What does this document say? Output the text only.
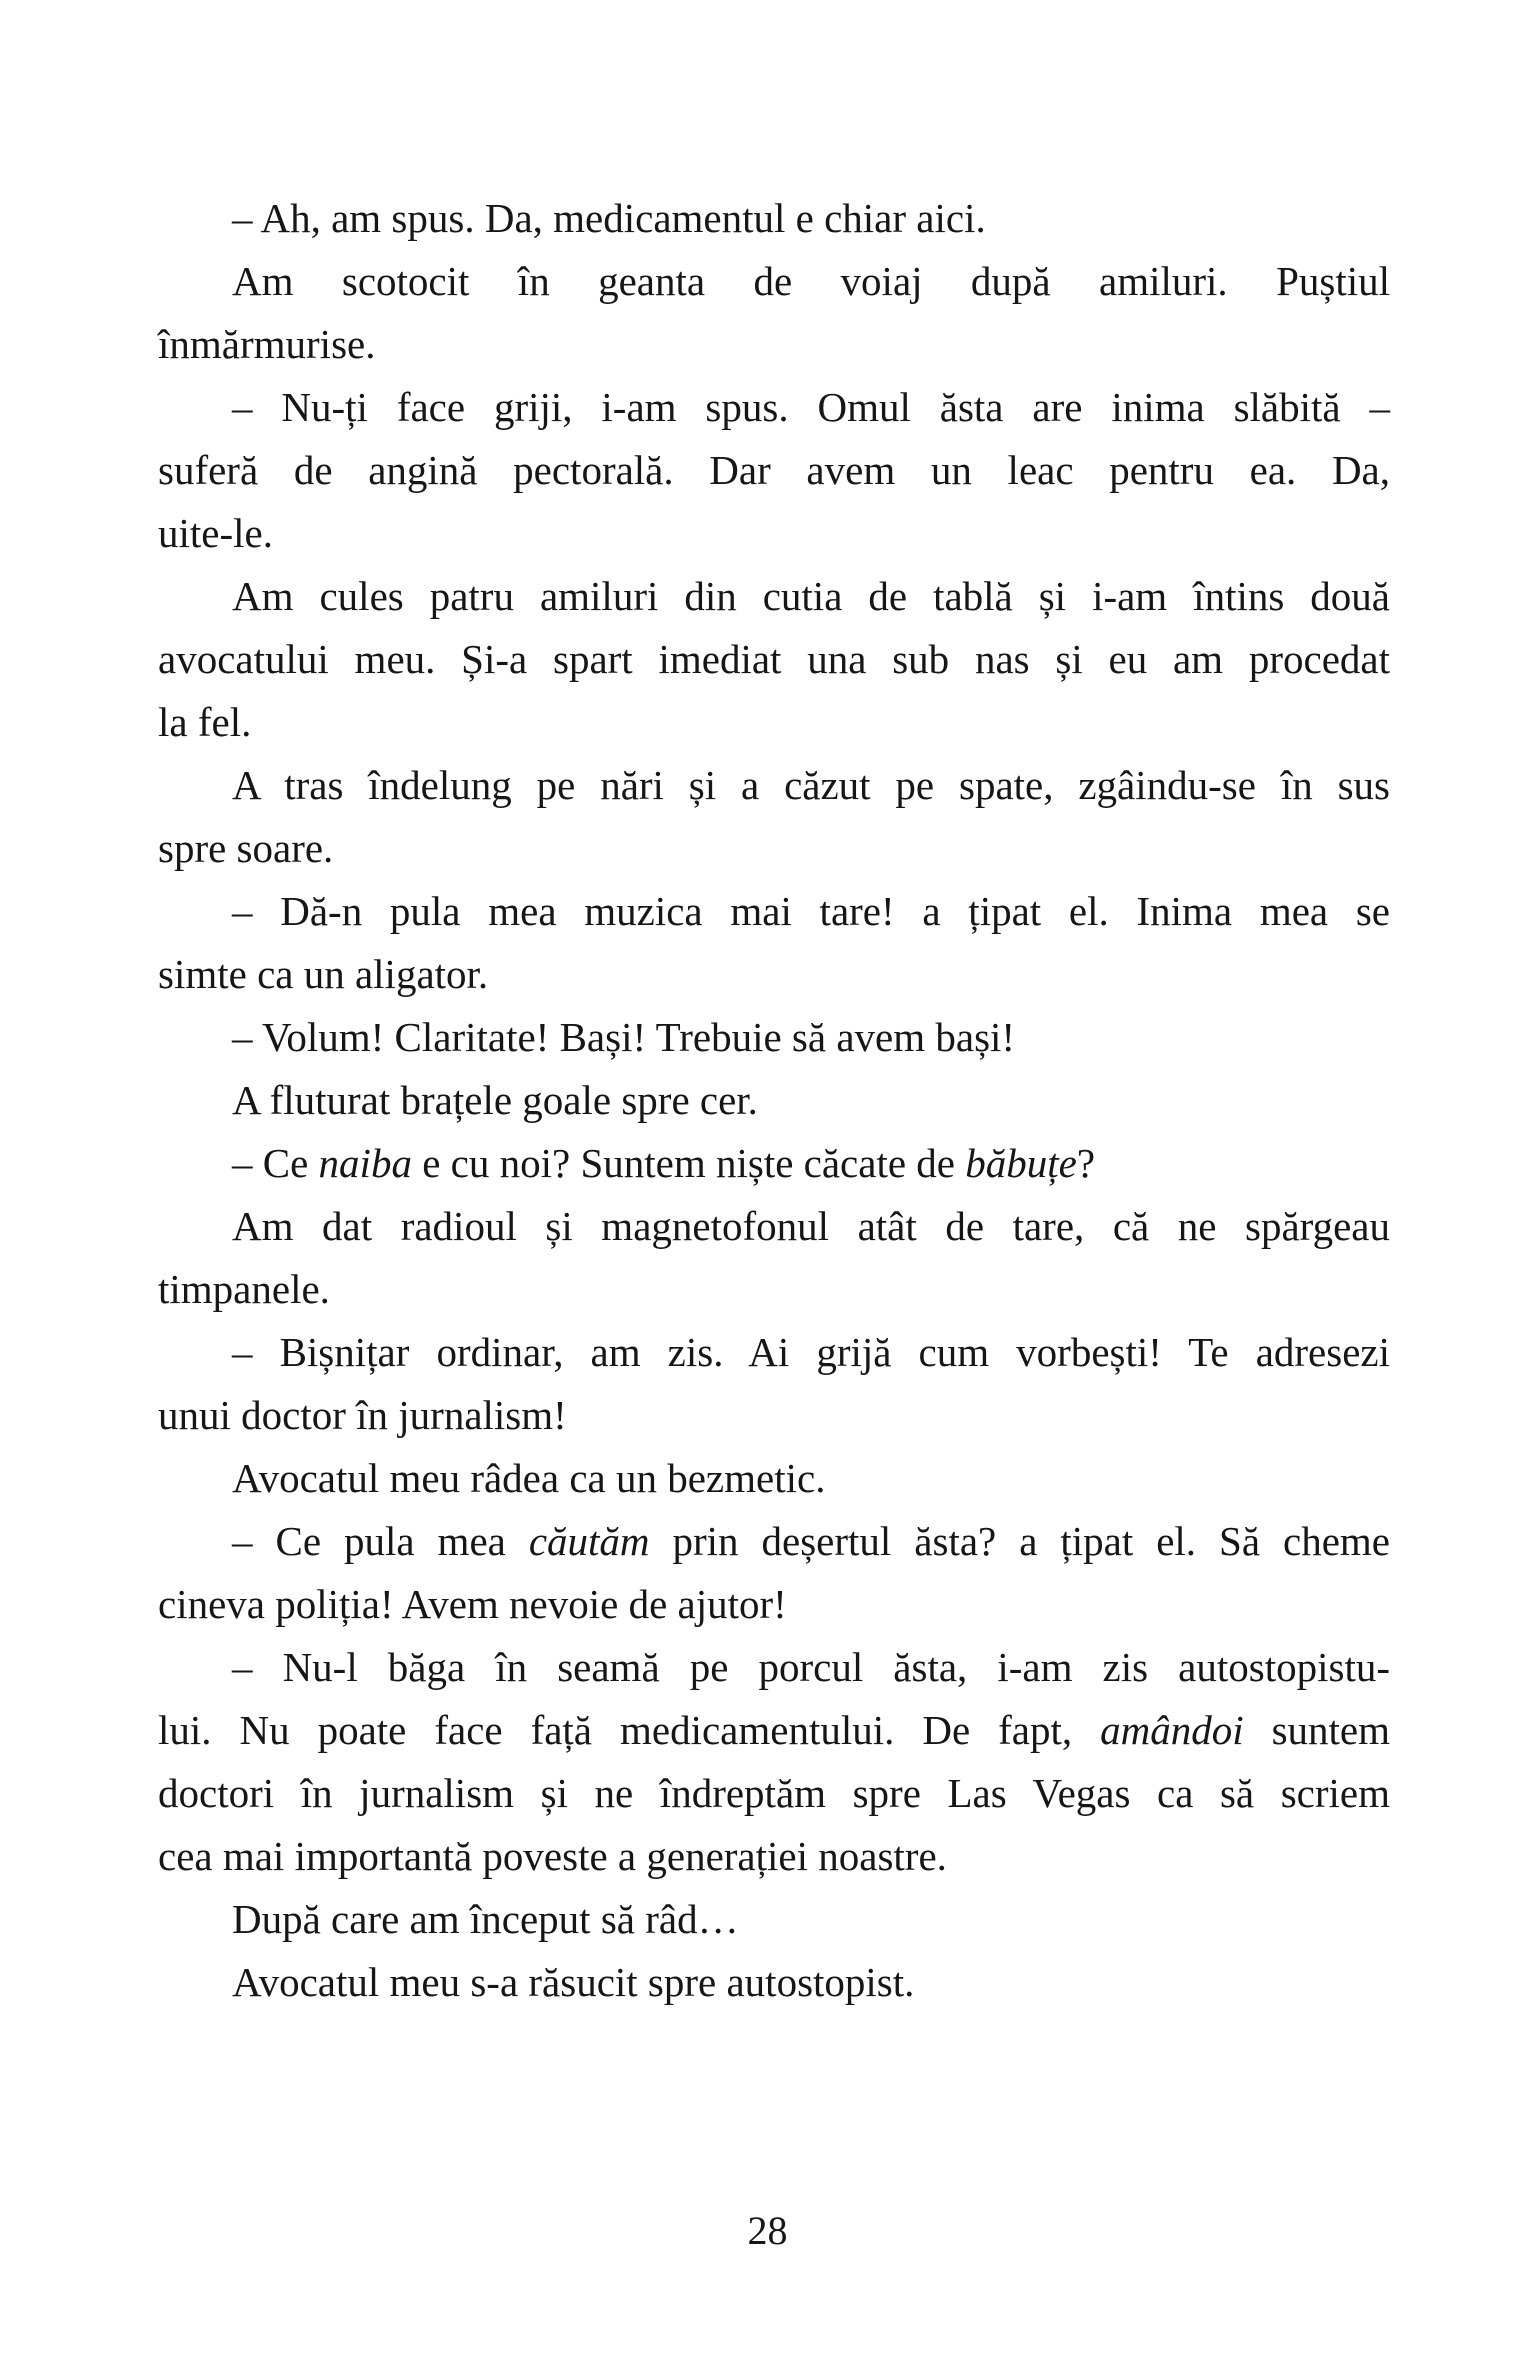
– Ah, am spus. Da, medicamentul e chiar aici.
Am scotocit în geanta de voiaj după amiluri. Puștiul
înmărmurise.
– Nu-ți face griji, i-am spus. Omul ăsta are inima slăbită –
suferă de angină pectorală. Dar avem un leac pentru ea. Da,
uite-le.
Am cules patru amiluri din cutia de tablă și i-am întins două
avocatului meu. Și-a spart imediat una sub nas și eu am procedat
la fel.
A tras îndelung pe nări și a căzut pe spate, zgâindu-se în sus
spre soare.
– Dă-n pula mea muzica mai tare! a țipat el. Inima mea se
simte ca un aligator.
– Volum! Claritate! Bași! Trebuie să avem bași!
A fluturat brațele goale spre cer.
– Ce naiba e cu noi? Suntem niște căcate de băbuțe?
Am dat radioul și magnetofonul atât de tare, că ne spărgeau
timpanele.
– Bișnițar ordinar, am zis. Ai grijă cum vorbești! Te adresezi
unui doctor în jurnalism!
Avocatul meu râdea ca un bezmetic.
– Ce pula mea căutăm prin deșertul ăsta? a țipat el. Să cheme
cineva poliția! Avem nevoie de ajutor!
– Nu-l băga în seamă pe porcul ăsta, i-am zis autostopistu-
lui. Nu poate face față medicamentului. De fapt, amândoi suntem
doctori în jurnalism și ne îndreptăm spre Las Vegas ca să scriem
cea mai importantă poveste a generației noastre.
După care am început să râd…
Avocatul meu s-a răsucit spre autostopist.
28
